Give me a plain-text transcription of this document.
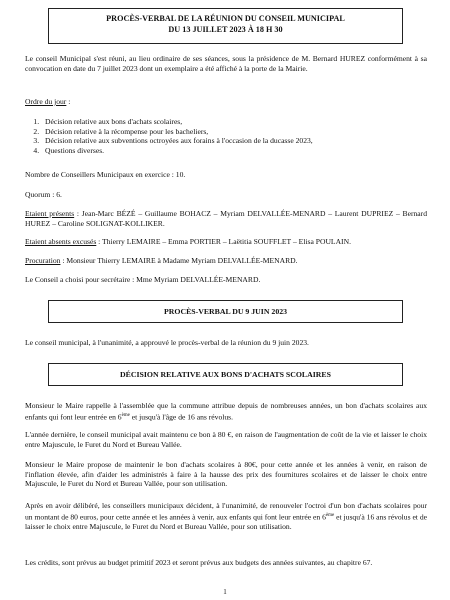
PROCÈS-VERBAL DE LA RÉUNION DU CONSEIL MUNICIPAL
DU 13 JUILLET 2023 À 18 H 30

Le conseil Municipal s'est réuni, au lieu ordinaire de ses séances, sous la présidence de M. Bernard HUREZ conformément à sa convocation en date du 7 juillet 2023 dont un exemplaire a été affiché à la porte de la Mairie.

Ordre du jour :
1. Décision relative aux bons d'achats scolaires,
2. Décision relative à la récompense pour les bacheliers,
3. Décision relative aux subventions octroyées aux forains à l'occasion de la ducasse 2023,
4. Questions diverses.

Nombre de Conseillers Municipaux en exercice : 10.

Quorum : 6.

Etaient présents : Jean-Marc BÉZÉ – Guillaume BOHACZ – Myriam DELVALLÉE-MENARD – Laurent DUPRIEZ – Bernard HUREZ – Caroline SOLIGNAT-KOLLIKER.

Etaient absents excusés : Thierry LEMAIRE – Emma PORTIER – Laëtitia SOUFFLET – Elisa POULAIN.

Procuration : Monsieur Thierry LEMAIRE à Madame Myriam DELVALLÉE-MENARD.

Le Conseil a choisi pour secrétaire : Mme Myriam DELVALLÉE-MENARD.

PROCÈS-VERBAL DU 9 JUIN 2023

Le conseil municipal, à l'unanimité, a approuvé le procès-verbal de la réunion du 9 juin 2023.

DÉCISION RELATIVE AUX BONS D'ACHATS SCOLAIRES

Monsieur le Maire rappelle à l'assemblée que la commune attribue depuis de nombreuses années, un bon d'achats scolaires aux enfants qui font leur entrée en 6ème et jusqu'à l'âge de 16 ans révolus.

L'année dernière, le conseil municipal avait maintenu ce bon à 80 €, en raison de l'augmentation de coût de la vie et laisser le choix entre Majuscule, le Furet du Nord et Bureau Vallée.

Monsieur le Maire propose de maintenir le bon d'achats scolaires à 80€, pour cette année et les années à venir, en raison de l'inflation élevée, afin d'aider les administrés à faire à la hausse des prix des fournitures scolaires et de laisser le choix entre Majuscule, le Furet du Nord et Bureau Vallée, pour son utilisation.

Après en avoir délibéré, les conseillers municipaux décident, à l'unanimité, de renouveler l'octroi d'un bon d'achats scolaires pour un montant de 80 euros, pour cette année et les années à venir, aux enfants qui font leur entrée en 6ème et jusqu'à 16 ans révolus et de laisser le choix entre Majuscule, le Furet du Nord et Bureau Vallée, pour son utilisation.

Les crédits, sont prévus au budget primitif 2023 et seront prévus aux budgets des années suivantes, au chapitre 67.

1
